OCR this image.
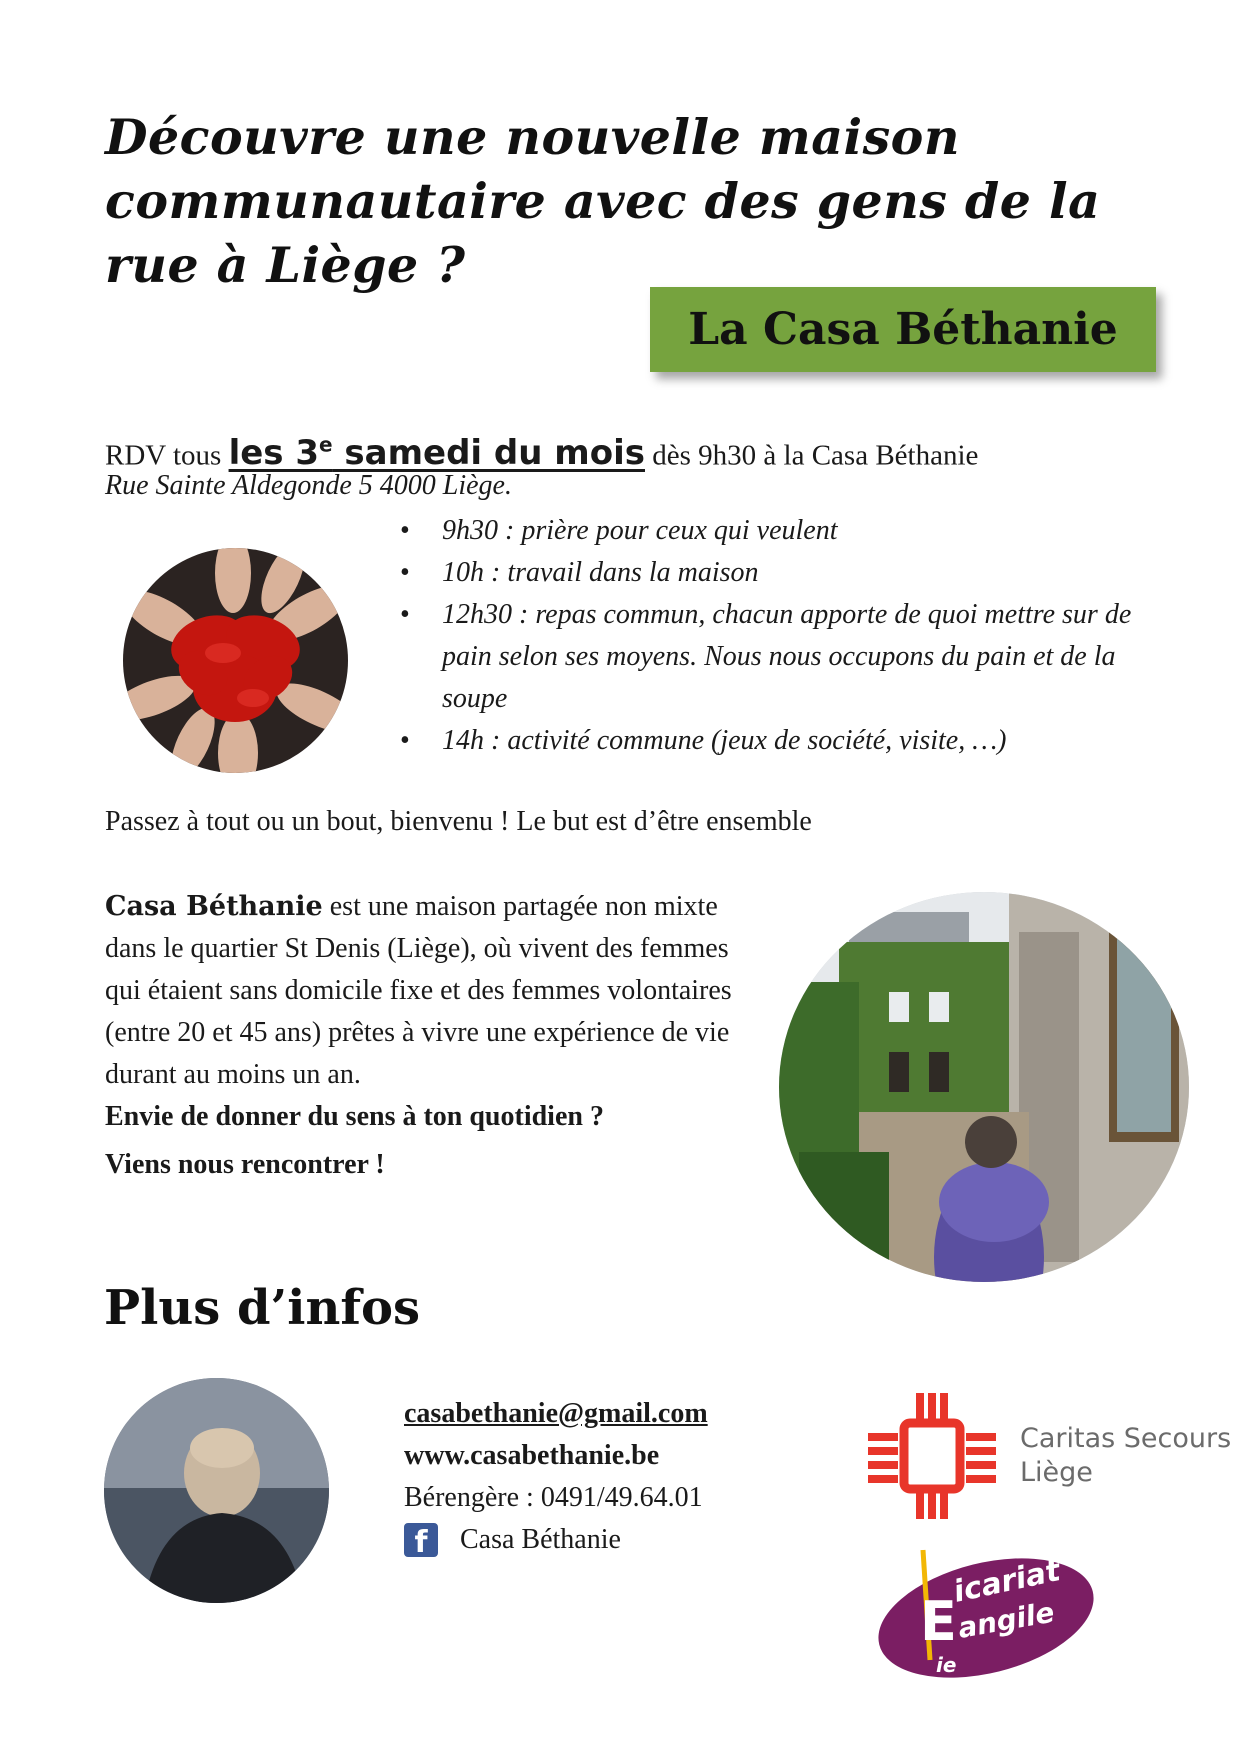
Découvre une nouvelle maison communautaire avec des gens de la rue à Liège ?
La Casa Béthanie
RDV tous les 3e samedi du mois dès 9h30 à la Casa Béthanie
Rue Sainte Aldegonde 5 4000 Liège.
• 9h30 : prière pour ceux qui veulent
• 10h : travail dans la maison
• 12h30 : repas commun, chacun apporte de quoi mettre sur de pain selon ses moyens. Nous nous occupons du pain et de la soupe
• 14h : activité commune (jeux de société, visite, …)
Passez à tout ou un bout, bienvenu ! Le but est d’être ensemble
Casa Béthanie est une maison partagée non mixte dans le quartier St Denis (Liège), où vivent des femmes qui étaient sans domicile fixe et des femmes volontaires (entre 20 et 45 ans) prêtes à vivre une expérience de vie durant au moins un an.
Envie de donner du sens à ton quotidien ?
Viens nous rencontrer !
Plus d’infos
casabethanie@gmail.com
www.casabethanie.be
Bérengère : 0491/49.64.01
f	Casa Béthanie
Caritas Secours
Liège
E
icariat
angile
ie
